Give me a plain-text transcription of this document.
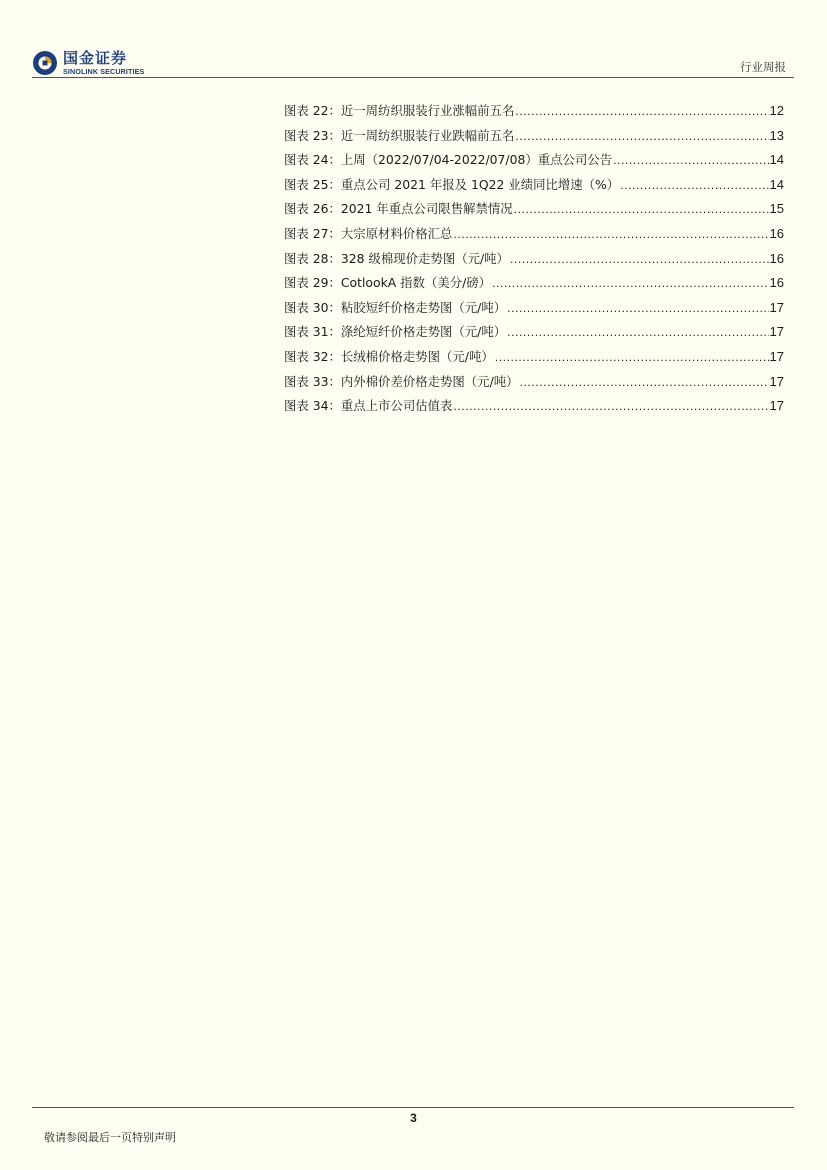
国金证券
SINOLINK SECURITIES	行业周报
图表 22：近一周纺织服装行业涨幅前五名 .....	12
图表 23：近一周纺织服装行业跌幅前五名 .....	13
图表 24：上周（2022/07/04-2022/07/08）重点公司公告 .....	14
图表 25：重点公司 2021 年报及 1Q22 业绩同比增速（%） .....	14
图表 26：2021 年重点公司限售解禁情况 .....	15
图表 27：大宗原材料价格汇总 .....	16
图表 28：328 级棉现价走势图（元/吨） .....	16
图表 29：CotlookA 指数（美分/磅） .....	16
图表 30：粘胶短纤价格走势图（元/吨） .....	17
图表 31：涤纶短纤价格走势图（元/吨） .....	17
图表 32：长绒棉价格走势图（元/吨） .....	17
图表 33：内外棉价差价格走势图（元/吨） .....	17
图表 34：重点上市公司估值表 .....	17
3
敬请参阅最后一页特别声明
